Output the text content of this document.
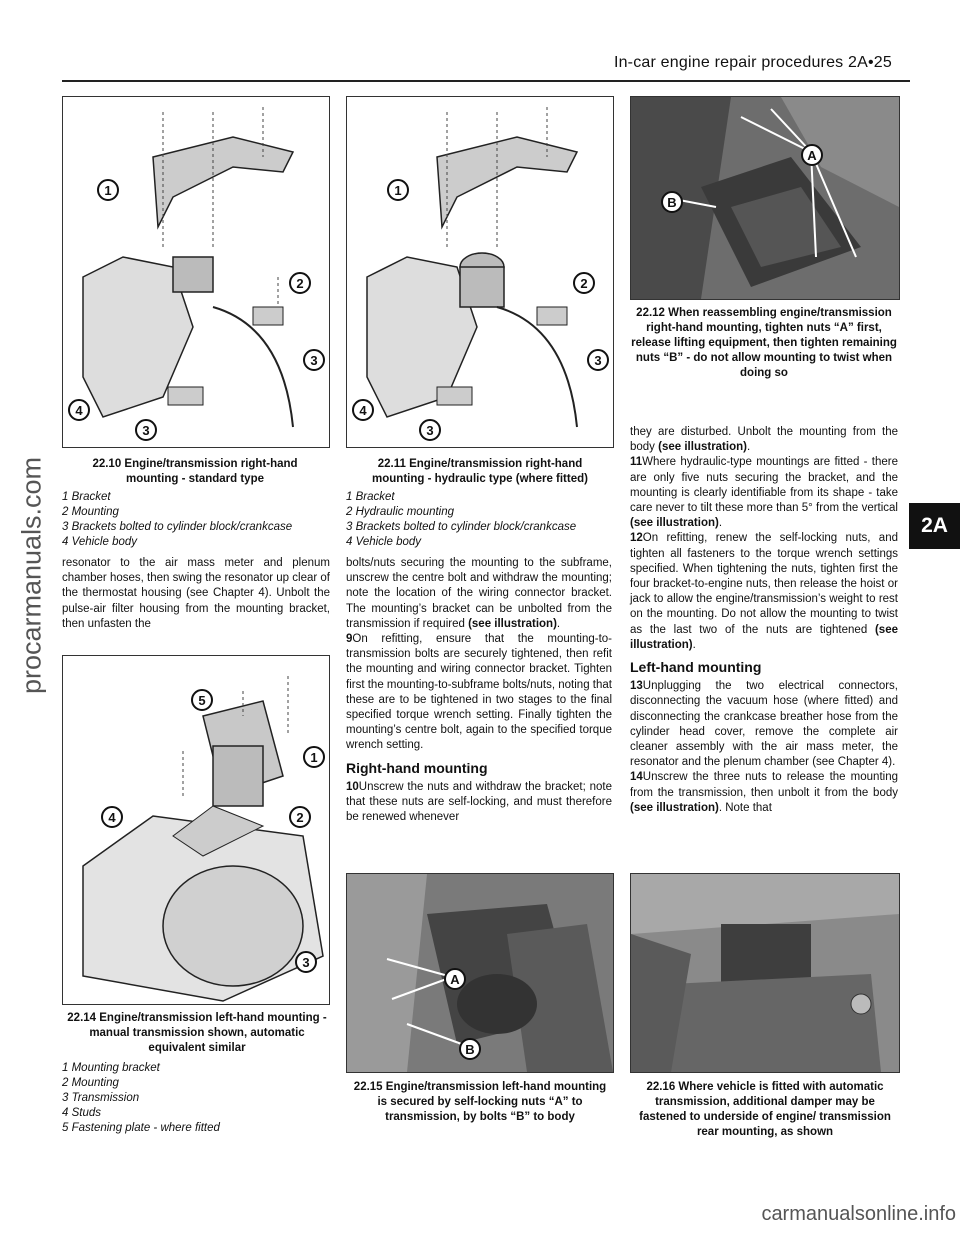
In-car engine repair procedures 2A•25
2A
procarmanuals.com
carmanualsonline.info
1
2
3
4
3
22.10 Engine/transmission right-hand mounting - standard type
1 Bracket
2 Mounting
3 Brackets bolted to cylinder block/crankcase
4 Vehicle body
1
2
3
4
3
22.11 Engine/transmission right-hand mounting - hydraulic type (where fitted)
1 Bracket
2 Hydraulic mounting
3 Brackets bolted to cylinder block/crankcase
4 Vehicle body
A
B
22.12 When reassembling engine/transmission right-hand mounting, tighten nuts “A” first, release lifting equipment, then tighten remaining nuts “B” - do not allow mounting to twist when doing so
5
1
2
4
3
22.14 Engine/transmission left-hand mounting - manual transmission shown, automatic equivalent similar
1 Mounting bracket
2 Mounting
3 Transmission
4 Studs
5 Fastening plate - where fitted
A
B
22.15 Engine/transmission left-hand mounting is secured by self-locking nuts “A” to transmission, by bolts “B” to body
22.16 Where vehicle is fitted with automatic transmission, additional damper may be fastened to underside of engine/ transmission rear mounting, as shown

resonator to the air mass meter and plenum chamber hoses, then swing the resonator up clear of the thermostat housing (see Chapter 4). Unbolt the pulse-air filter housing from the mounting bracket, then unfasten the

bolts/nuts securing the mounting to the subframe, unscrew the centre bolt and withdraw the mounting; note the location of the wiring connector bracket. The mounting’s bracket can be unbolted from the transmission if required (see illustration).

9On refitting, ensure that the mounting-to-transmission bolts are securely tightened, then refit the mounting and wiring connector bracket. Tighten first the mounting-to-subframe bolts/nuts, noting that these are to be tightened in two stages to the final specified torque wrench setting. Finally tighten the mounting’s centre bolt, again to the specified torque wrench setting.

Right-hand mounting

10Unscrew the nuts and withdraw the bracket; note that these nuts are self-locking, and must therefore be renewed whenever

they are disturbed. Unbolt the mounting from the body (see illustration).

11Where hydraulic-type mountings are fitted - there are only five nuts securing the bracket, and the mounting is clearly identifiable from its shape - take care never to tilt these more than 5° from the vertical (see illustration).

12On refitting, renew the self-locking nuts, and tighten all fasteners to the torque wrench settings specified. When tightening the nuts, tighten first the four bracket-to-engine nuts, then release the hoist or jack to allow the engine/transmission’s weight to rest on the mounting. Do not allow the mounting to twist as the last two of the nuts are tightened (see illustration).

Left-hand mounting

13Unplugging the two electrical connectors, disconnecting the vacuum hose (where fitted) and disconnecting the crankcase breather hose from the cylinder head cover, remove the complete air cleaner assembly with the air mass meter, the resonator and the plenum chamber (see Chapter 4).

14Unscrew the three nuts to release the mounting from the transmission, then unbolt it from the body (see illustration). Note that
